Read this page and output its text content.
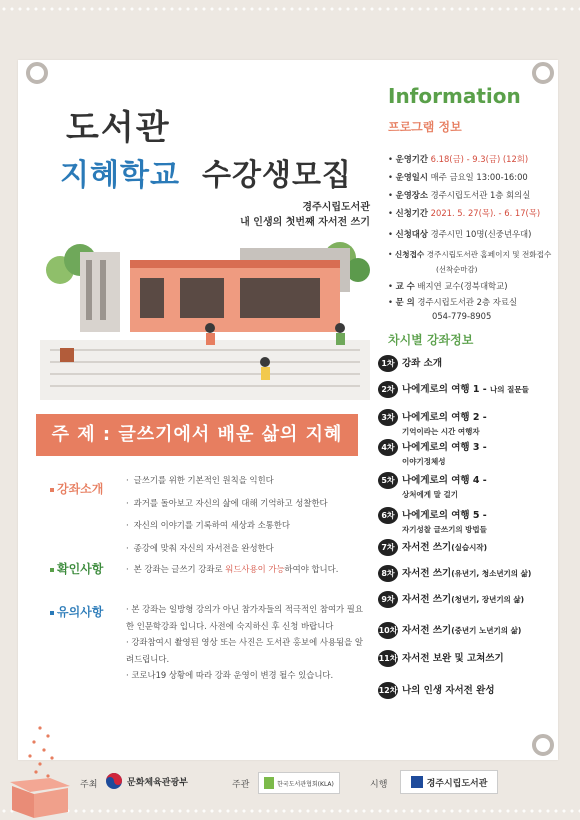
도서관
지혜학교 수강생모집
경주시립도서관
내 인생의 첫번째 자서전 쓰기
주 제 : 글쓰기에서 배운 삶의 지혜
강좌소개
· 글쓰기를 위한 기본적인 원칙을 익힌다
· 과거를 돌아보고 자신의 삶에 대해 기억하고 성찰한다
· 자신의 이야기를 기록하여 세상과 소통한다
· 종강에 맞춰 자신의 자서전을 완성한다
확인사항
·	본 강좌는 글쓰기 강좌로 워드사용이 가능하여야 합니다.
유의사항	· 본 강좌는 일방형 강의가 아닌 참가자들의 적극적인 참여가 필요한 인문학강좌 입니다. 사전에 숙지하신 후 신청 바랍니다
· 강좌참여시 촬영된 영상 또는 사진은 도서관 홍보에 사용됨을 알려드립니다.
· 코로나19 상황에 따라 강좌 운영이 변경 될수 있습니다.
Information
프로그램 정보
• 운영기간 6.18(금) - 9.3(금) (12회)
• 운영일시 매주 금요일 13:00-16:00
• 운영장소 경주시립도서관 1층 회의실
• 신청기간 2021. 5. 27(목). - 6. 17(목)
• 신청대상 경주시민 10명(신중년우대)
• 신청접수 경주시립도서관 홈페이지 및 전화접수
(선착순마감)
• 교 수 배지연 교수(경북대학교)
• 문 의 경주시립도서관 2층 자료실
054-779-8905
차시별 강좌정보
1차 강좌 소개
2차 나에게로의 여행 1 - 나의 질문들
3차 나에게로의 여행 2 -
기억이라는 시간 여행자
4차 나에게로의 여행 3 -
이야기정체성
5차 나에게로의 여행 4 -
상처에게 말 걸기
6차 나에게로의 여행 5 -
자기성찰 글쓰기의 방법들
7차 자서전 쓰기(실습시작)
8차 자서전 쓰기(유년기, 청소년기의 삶)
9차 자서전 쓰기(청년기, 장년기의 삶)
10차 자서전 쓰기(중년기 노년기의 삶)
11차 자서전 보완 및 고쳐쓰기
12차 나의 인생 자서전 완성
주최	문화체육관광부	주관	한국도서관협회(KLA)	시행	경주시립도서관
